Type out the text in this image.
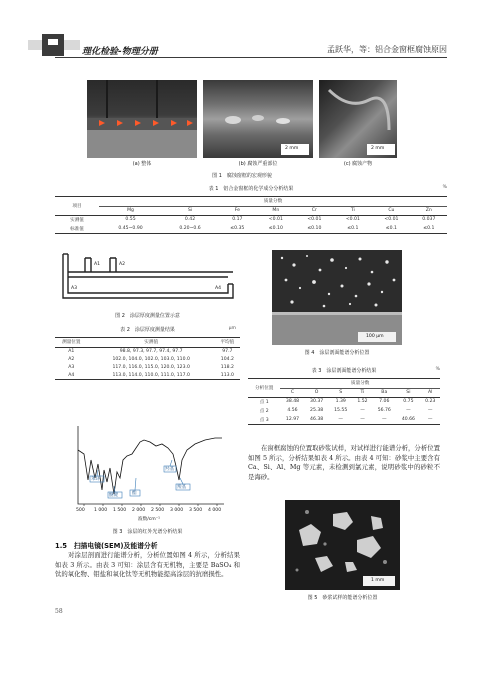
理化检验-物理分册	孟跃华，等：铝合金窗框腐蚀原因
2 mm	2 mm
(a) 整体	(b) 腐蚀严重部位	(c) 腐蚀产物
图 1　腐蚀窗框的宏观形貌
表 1　铝合金窗框的化学成分分析结果	%
项目	质量分数							
	Mg	Si	Fe	Mn	Cr	Ti	Cu	Zn
实测值	0.55	0.42	0.17	<0.01	<0.01	<0.01	<0.01	0.037
标准值	0.45~0.90	0.20~0.6	≤0.35	≤0.10	≤0.10	≤0.1	≤0.1	≤0.1
A1	A2
A3	A4
图 2　涂层厚度测量位置示意
表 2　涂层厚度测量结果	μm
测量位置	实测值	平均值
A1	98.8, 97.3, 97.7, 97.4, 97.7	97.7
A2	102.0, 104.0, 102.0, 103.0, 110.0	104.2
A3	117.0, 116.0, 115.0, 120.0, 123.0	118.2
A4	113.0, 114.0, 110.0, 111.0, 117.0	113.0
苯环
醚键	酯
羟基
羧基
500 1 000 1 500 2 000 2 500 3 000 3 500 4 000
波数/cm⁻¹
图 3　涂层的红外光谱分析结果
1.5　扫描电镜(SEM)及能谱分析
对涂层剖面进行能谱分析，分析位置如图 4 所示，分析结果如表 3 所示。由表 3 可知：涂层含有无机物，主要是 BaSO₄ 和钛的氧化物、钼盐和氧化钛等无机物能提高涂层的抗磨损性。
58
100 μm
图 4　涂层剖面能谱分析位置
表 3　涂层剖面能谱分析结果	%
分析位置	质量分数						
	C	O	S	Ti	Ba	Si	Al
点 1	38.48	30.37	1.39	1.52	7.06	0.75	0.23
点 2	4.56	25.38	15.55	—	56.76	—	—
点 3	12.97	46.38	—	—	—	40.66	—
在窗框腐蚀的位置取砂浆试样，对试样进行能谱分析，分析位置如图 5 所示，分析结果如表 4 所示。由表 4 可知：砂浆中主要含有 Ca、Si、Al、Mg 等元素，未检测到氯元素，说明砂浆中的砂粒不是海砂。
1 mm
图 5　砂浆试样的能谱分析位置
